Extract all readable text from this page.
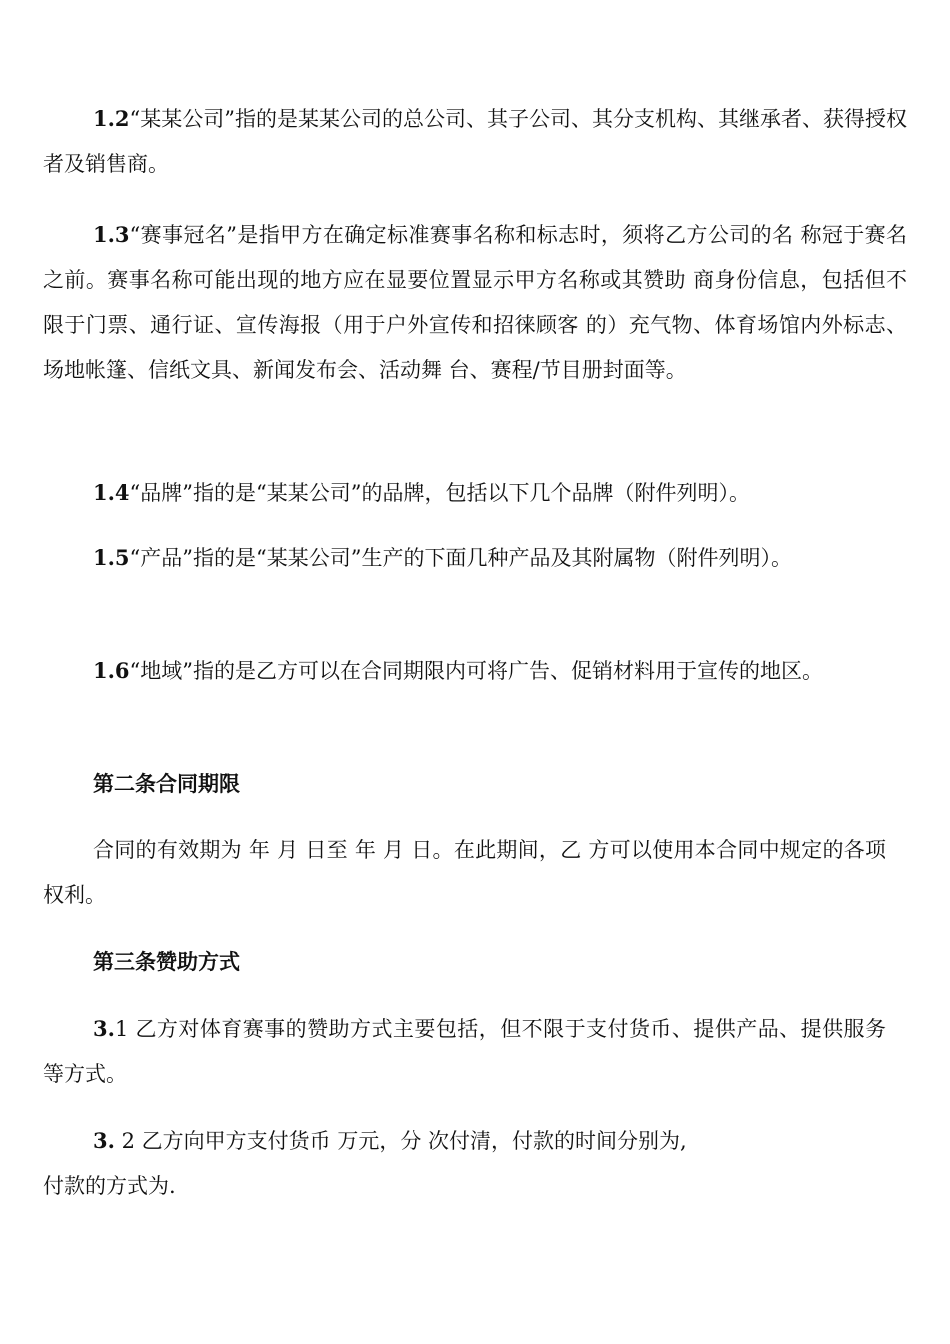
1.2“某某公司”指的是某某公司的总公司、其子公司、其分支机构、其继承者、获得授权者及销售商。

1.3“赛事冠名”是指甲方在确定标准赛事名称和标志时，须将乙方公司的名 称冠于赛名之前。赛事名称可能出现的地方应在显要位置显示甲方名称或其赞助 商身份信息，包括但不限于门票、通行证、宣传海报（用于户外宣传和招徕顾客 的）充气物、体育场馆内外标志、场地帐篷、信纸文具、新闻发布会、活动舞 台、赛程/节目册封面等。

1.4“品牌”指的是“某某公司”的品牌，包括以下几个品牌（附件列明）。

1.5“产品”指的是“某某公司”生产的下面几种产品及其附属物（附件列明）。

1.6“地域”指的是乙方可以在合同期限内可将广告、促销材料用于宣传的地区。

第二条合同期限

合同的有效期为 年 月 日至 年 月 日。在此期间，乙 方可以使用本合同中规定的各项权利。

第三条赞助方式

3.1 乙方对体育赛事的赞助方式主要包括，但不限于支付货币、提供产品、提供服务等方式。

3. 2 乙方向甲方支付货币 万元，分 次付清，付款的时间分别为,

付款的方式为.
